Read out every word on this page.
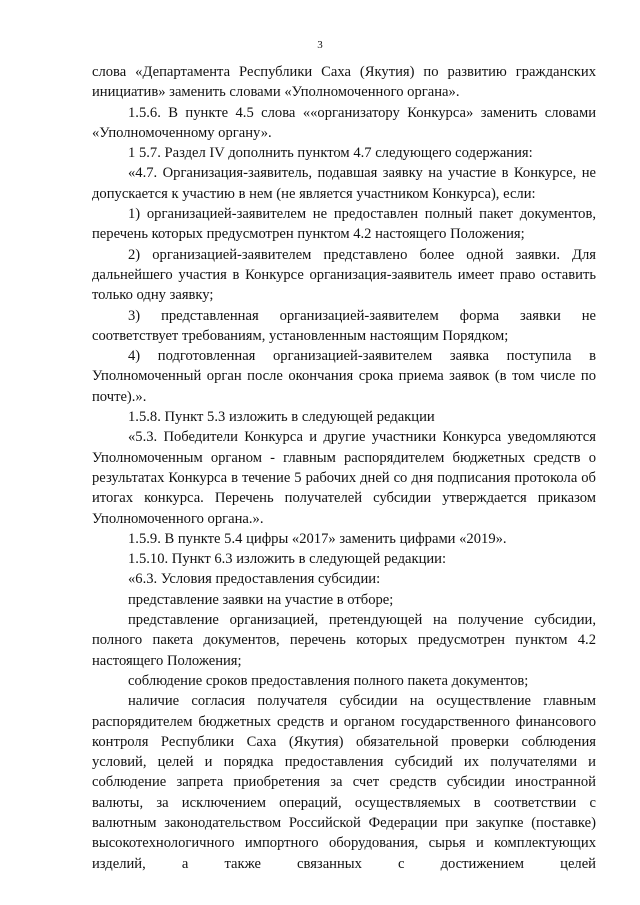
3

слова «Департамента Республики Саха (Якутия) по развитию гражданских инициатив» заменить словами «Уполномоченного органа».

1.5.6. В пункте 4.5 слова ««организатору Конкурса» заменить словами «Уполномоченному органу».

1 5.7. Раздел IV дополнить пунктом 4.7 следующего содержания:

«4.7. Организация-заявитель, подавшая заявку на участие в Конкурсе, не допускается к участию в нем (не является участником Конкурса), если:

1) организацией-заявителем не предоставлен полный пакет документов, перечень которых предусмотрен пунктом 4.2 настоящего Положения;

2) организацией-заявителем представлено более одной заявки. Для дальнейшего участия в Конкурсе организация-заявитель имеет право оставить только одну заявку;

3) представленная организацией-заявителем форма заявки не соответствует требованиям, установленным настоящим Порядком;

4) подготовленная организацией-заявителем заявка поступила в Уполномоченный орган после окончания срока приема заявок (в том числе по почте).».

1.5.8. Пункт 5.3 изложить в следующей редакции

«5.3. Победители Конкурса и другие участники Конкурса уведомляются Уполномоченным органом - главным распорядителем бюджетных средств о результатах Конкурса в течение 5 рабочих дней со дня подписания протокола об итогах конкурса. Перечень получателей субсидии утверждается приказом Уполномоченного органа.».

1.5.9. В пункте 5.4 цифры «2017» заменить цифрами «2019».

1.5.10. Пункт 6.3 изложить в следующей редакции:

«6.3. Условия предоставления субсидии:

представление заявки на участие в отборе;

представление организацией, претендующей на получение субсидии, полного пакета документов, перечень которых предусмотрен пунктом 4.2 настоящего Положения;

соблюдение сроков предоставления полного пакета документов;

наличие согласия получателя субсидии на осуществление главным распорядителем бюджетных средств и органом государственного финансового контроля Республики Саха (Якутия) обязательной проверки соблюдения условий, целей и порядка предоставления субсидий их получателями и соблюдение запрета приобретения за счет средств субсидии иностранной валюты, за исключением операций, осуществляемых в соответствии с валютным законодательством Российской Федерации при закупке (поставке) высокотехнологичного импортного оборудования, сырья и комплектующих изделий, а также связанных с достижением целей
